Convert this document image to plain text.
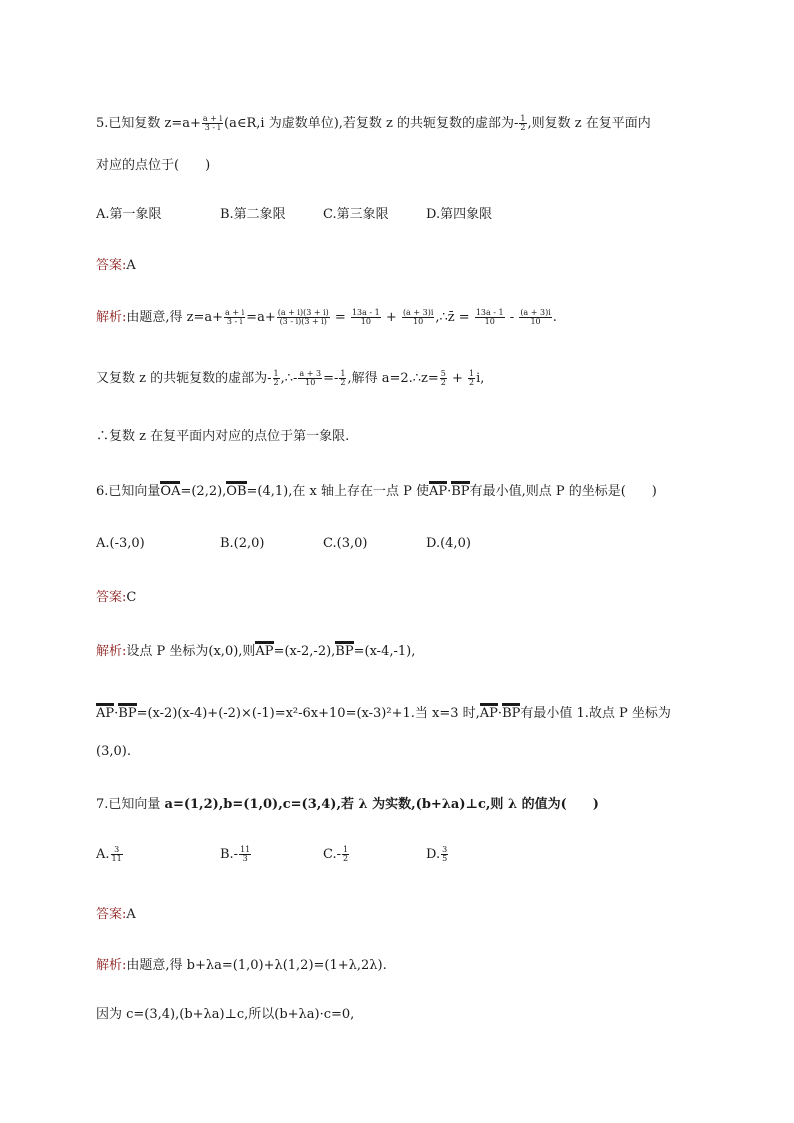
5.已知复数 $z=a+ \frac{a + i}{3 - i}$ (a∈R,i 为虚数单位),若复数 z 的共轭复数的虚部为- $\frac{1}{2}$ ,则复数 z 在复平面内
对应的点位于(　　)
A.第一象限	B.第二象限	C.第三象限	D.第四象限
答案:A
解析:由题意,得 $z=a+ \frac{a + i}{3 - i} =a+ \frac{(a + i)(3 + i)}{(3 - i)(3 + i)} = \frac{13a - 1}{10} + \frac{(a + 3)i}{10}$ ,∴z̄ = $\frac{13a - 1}{10} - \frac{(a + 3)i}{10}$ .
又复数 z 的共轭复数的虚部为- $\frac{1}{2}$ ,∴- $\frac{a + 3}{10} =- \frac{1}{2}$ ,解得 a=2.∴z= $\frac{5}{2} + \frac{1}{2} i$,
∴复数 z 在复平面内对应的点位于第一象限.
6.已知向量OA=(2,2),OB=(4,1),在 x 轴上存在一点 P 使AP·BP有最小值,则点 P 的坐标是(　　)
A.(-3,0)	B.(2,0)	C.(3,0)	D.(4,0)
答案:C
解析:设点 P 坐标为(x,0),则AP=(x-2,-2),BP=(x-4,-1),
AP·BP=(x-2)(x-4)+(-2)×(-1)=x²-6x+10=(x-3)²+1.当 x=3 时,AP·BP有最小值 1.故点 P 坐标为
(3,0).
7.已知向量 a=(1,2),b=(1,0),c=(3,4),若 λ 为实数,(b+λa)⊥c,则 λ 的值为(　　)
A. $\frac{3}{11}$	$B.- \frac{11}{3}$	$C.- \frac{1}{2}$	D. $\frac{3}{5}$
答案:A
解析:由题意,得 b+λa=(1,0)+λ(1,2)=(1+λ,2λ).
因为 c=(3,4),(b+λa)⊥c,所以(b+λa)·c=0,
